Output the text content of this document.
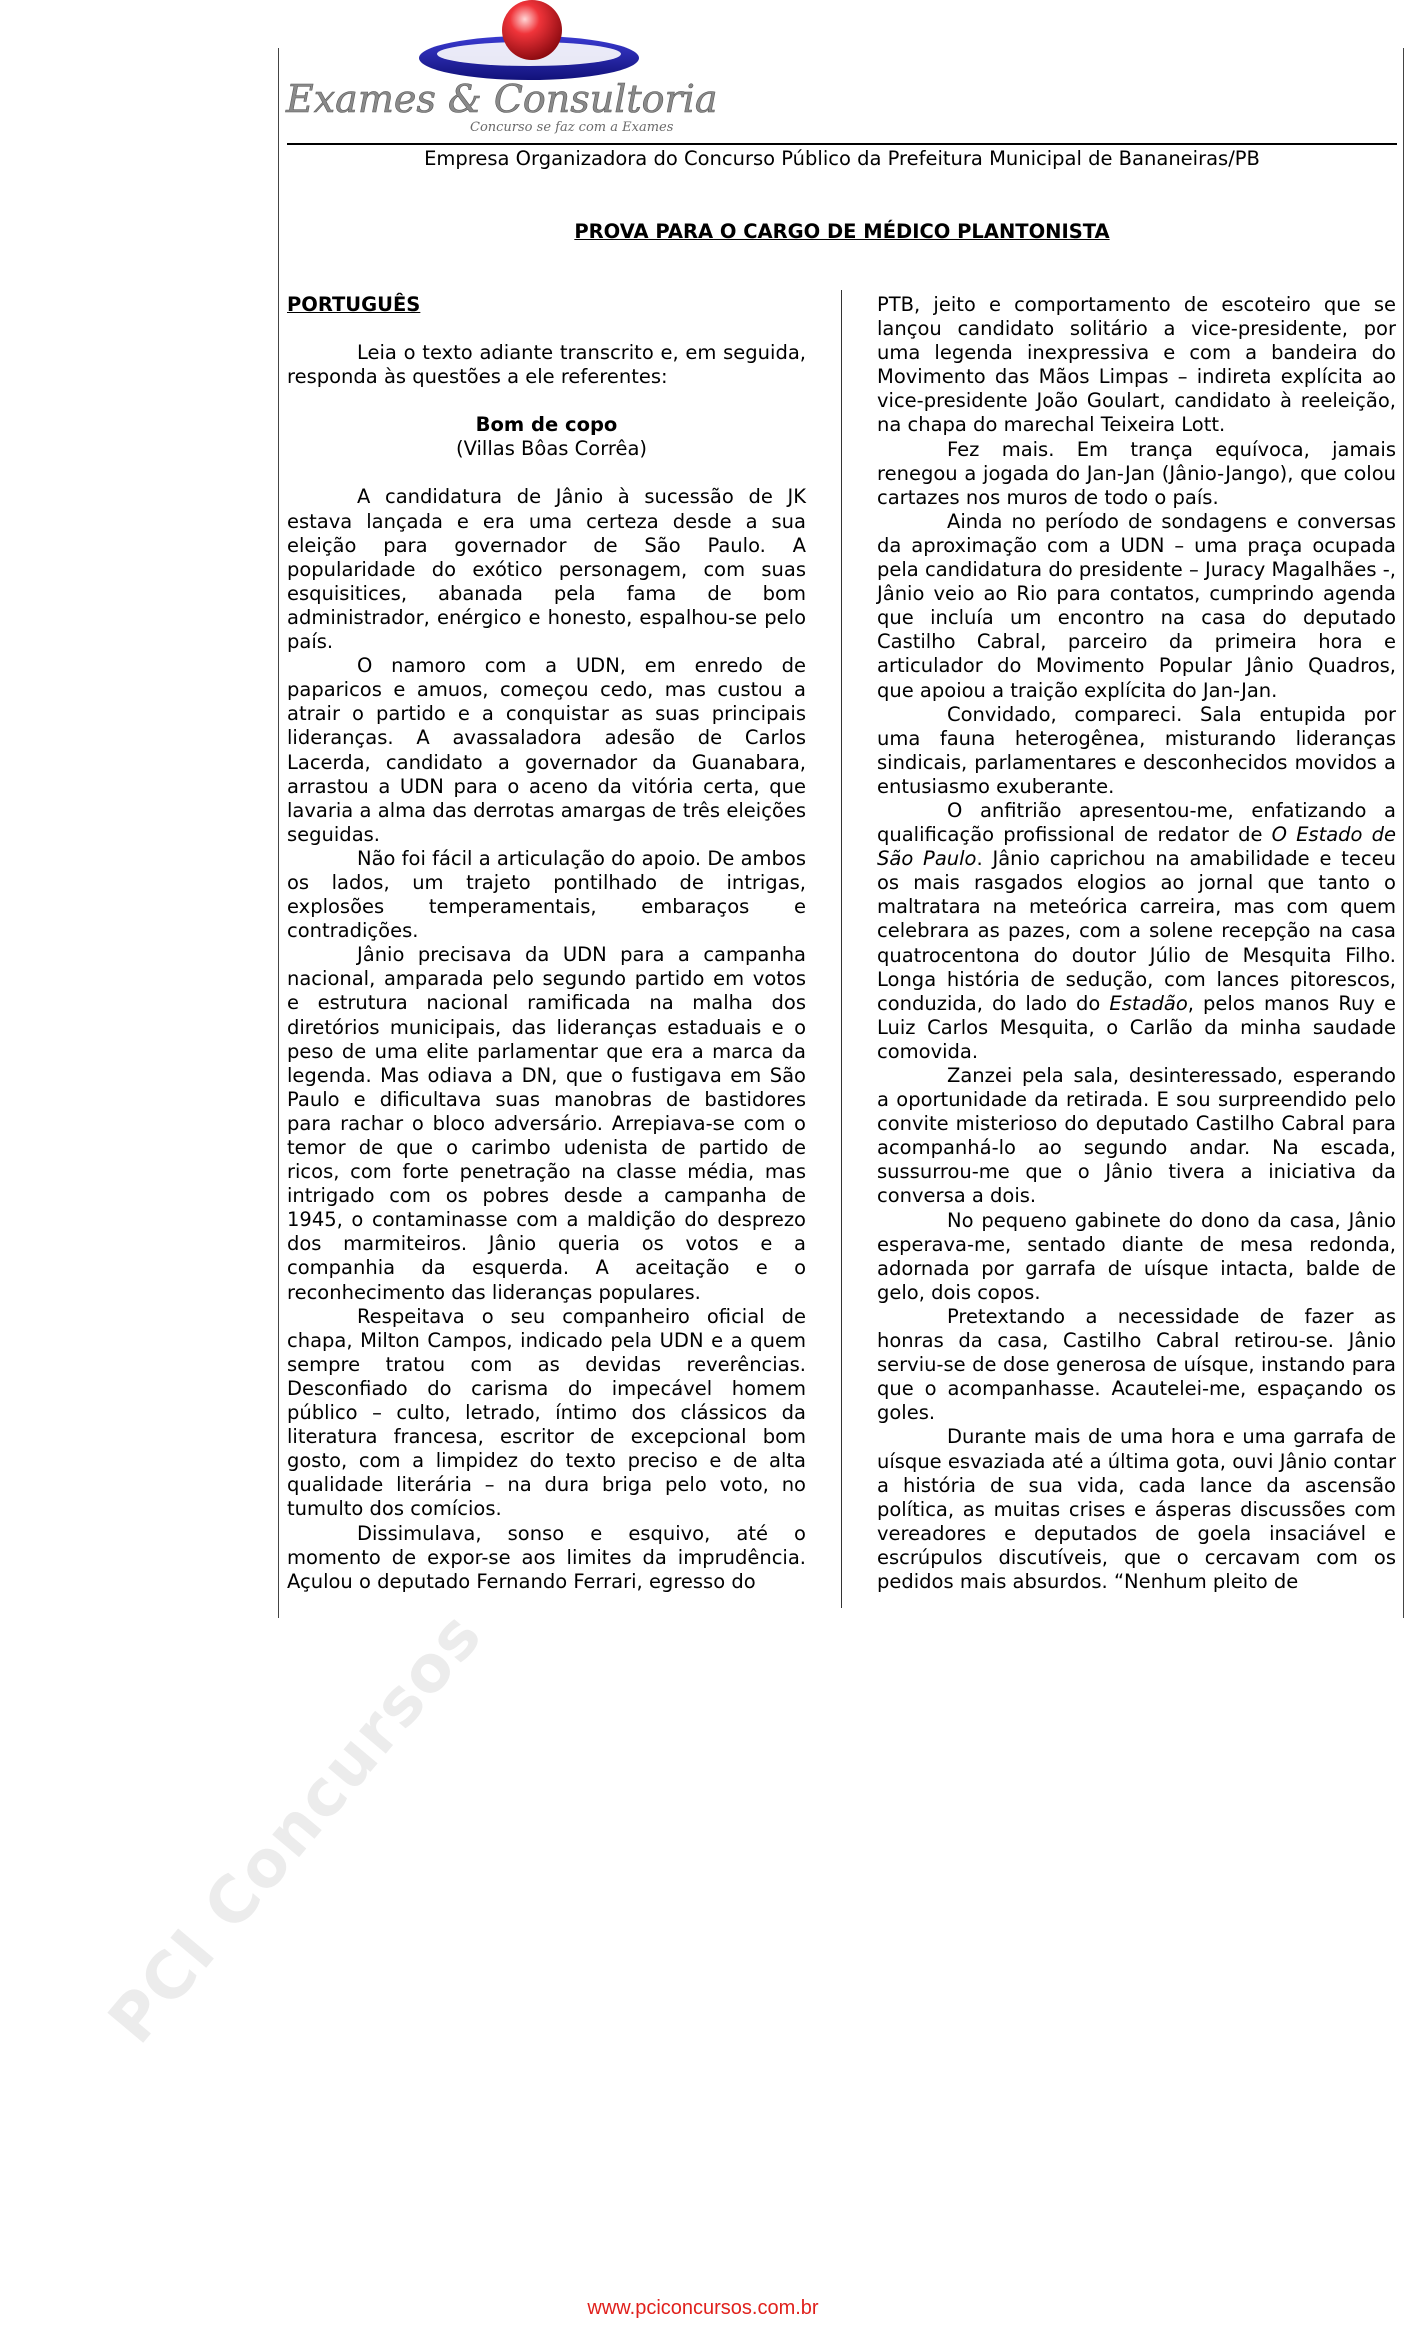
Exames & Consultoria
Concurso se faz com a Exames
Empresa Organizadora do Concurso Público da Prefeitura Municipal de Bananeiras/PB
PROVA PARA O CARGO DE MÉDICO PLANTONISTA

PORTUGUÊS

Leia o texto adiante transcrito e, em seguida, responda às questões a ele referentes:

Bom de copo

(Villas Bôas Corrêa)

A candidatura de Jânio à sucessão de JK estava lançada e era uma certeza desde a sua eleição para governador de São Paulo. A popularidade do exótico personagem, com suas esquisitices, abanada pela fama de bom administrador, enérgico e honesto, espalhou-se pelo país.

O namoro com a UDN, em enredo de paparicos e amuos, começou cedo, mas custou a atrair o partido e a conquistar as suas principais lideranças. A avassaladora adesão de Carlos Lacerda, candidato a governador da Guanabara, arrastou a UDN para o aceno da vitória certa, que lavaria a alma das derrotas amargas de três eleições seguidas.

Não foi fácil a articulação do apoio. De ambos os lados, um trajeto pontilhado de intrigas, explosões temperamentais, embaraços e contradições.

Jânio precisava da UDN para a campanha nacional, amparada pelo segundo partido em votos e estrutura nacional ramificada na malha dos diretórios municipais, das lideranças estaduais e o peso de uma elite parlamentar que era a marca da legenda. Mas odiava a DN, que o fustigava em São Paulo e dificultava suas manobras de bastidores para rachar o bloco adversário. Arrepiava-se com o temor de que o carimbo udenista de partido de ricos, com forte penetração na classe média, mas intrigado com os pobres desde a campanha de 1945, o contaminasse com a maldição do desprezo dos marmiteiros. Jânio queria os votos e a companhia da esquerda. A aceitação e o reconhecimento das lideranças populares.

Respeitava o seu companheiro oficial de chapa, Milton Campos, indicado pela UDN e a quem sempre tratou com as devidas reverências. Desconfiado do carisma do impecável homem público – culto, letrado, íntimo dos clássicos da literatura francesa, escritor de excepcional bom gosto, com a limpidez do texto preciso e de alta qualidade literária – na dura briga pelo voto, no tumulto dos comícios.

Dissimulava, sonso e esquivo, até o momento de expor-se aos limites da imprudência. Açulou o deputado Fernando Ferrari, egresso do

PTB, jeito e comportamento de escoteiro que se lançou candidato solitário a vice-presidente, por uma legenda inexpressiva e com a bandeira do Movimento das Mãos Limpas – indireta explícita ao vice-presidente João Goulart, candidato à reeleição, na chapa do marechal Teixeira Lott.

Fez mais. Em trança equívoca, jamais renegou a jogada do Jan-Jan (Jânio-Jango), que colou cartazes nos muros de todo o país.

Ainda no período de sondagens e conversas da aproximação com a UDN – uma praça ocupada pela candidatura do presidente – Juracy Magalhães -, Jânio veio ao Rio para contatos, cumprindo agenda que incluía um encontro na casa do deputado Castilho Cabral, parceiro da primeira hora e articulador do Movimento Popular Jânio Quadros, que apoiou a traição explícita do Jan-Jan.

Convidado, compareci. Sala entupida por uma fauna heterogênea, misturando lideranças sindicais, parlamentares e desconhecidos movidos a entusiasmo exuberante.

O anfitrião apresentou-me, enfatizando a qualificação profissional de redator de O Estado de São Paulo. Jânio caprichou na amabilidade e teceu os mais rasgados elogios ao jornal que tanto o maltratara na meteórica carreira, mas com quem celebrara as pazes, com a solene recepção na casa quatrocentona do doutor Júlio de Mesquita Filho. Longa história de sedução, com lances pitorescos, conduzida, do lado do Estadão, pelos manos Ruy e Luiz Carlos Mesquita, o Carlão da minha saudade comovida.

Zanzei pela sala, desinteressado, esperando a oportunidade da retirada. E sou surpreendido pelo convite misterioso do deputado Castilho Cabral para acompanhá-lo ao segundo andar. Na escada, sussurrou-me que o Jânio tivera a iniciativa da conversa a dois.

No pequeno gabinete do dono da casa, Jânio esperava-me, sentado diante de mesa redonda, adornada por garrafa de uísque intacta, balde de gelo, dois copos.

Pretextando a necessidade de fazer as honras da casa, Castilho Cabral retirou-se. Jânio serviu-se de dose generosa de uísque, instando para que o acompanhasse. Acautelei-me, espaçando os goles.

Durante mais de uma hora e uma garrafa de uísque esvaziada até a última gota, ouvi Jânio contar a história de sua vida, cada lance da ascensão política, as muitas crises e ásperas discussões com vereadores e deputados de goela insaciável e escrúpulos discutíveis, que o cercavam com os pedidos mais absurdos. “Nenhum pleito de

PCI Concursos
www.pciconcursos.com.br
